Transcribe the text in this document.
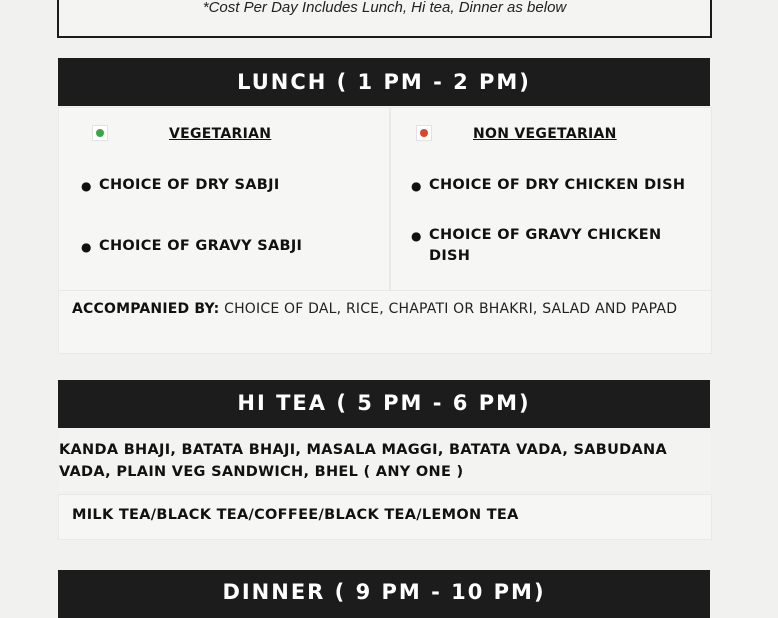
*Cost Per Day Includes Lunch, Hi tea, Dinner as below
LUNCH ( 1 PM - 2 PM)
VEGETARIAN
● CHOICE OF DRY SABJI
● CHOICE OF GRAVY SABJI
NON VEGETARIAN
● CHOICE OF DRY CHICKEN DISH
● CHOICE OF GRAVY CHICKEN DISH
ACCOMPANIED BY: CHOICE OF DAL, RICE, CHAPATI OR BHAKRI, SALAD AND PAPAD
HI TEA ( 5 PM - 6 PM)
KANDA BHAJI, BATATA BHAJI, MASALA MAGGI, BATATA VADA, SABUDANA VADA, PLAIN VEG SANDWICH, BHEL ( ANY ONE )
MILK TEA/BLACK TEA/COFFEE/BLACK TEA/LEMON TEA
DINNER ( 9 PM - 10 PM)
